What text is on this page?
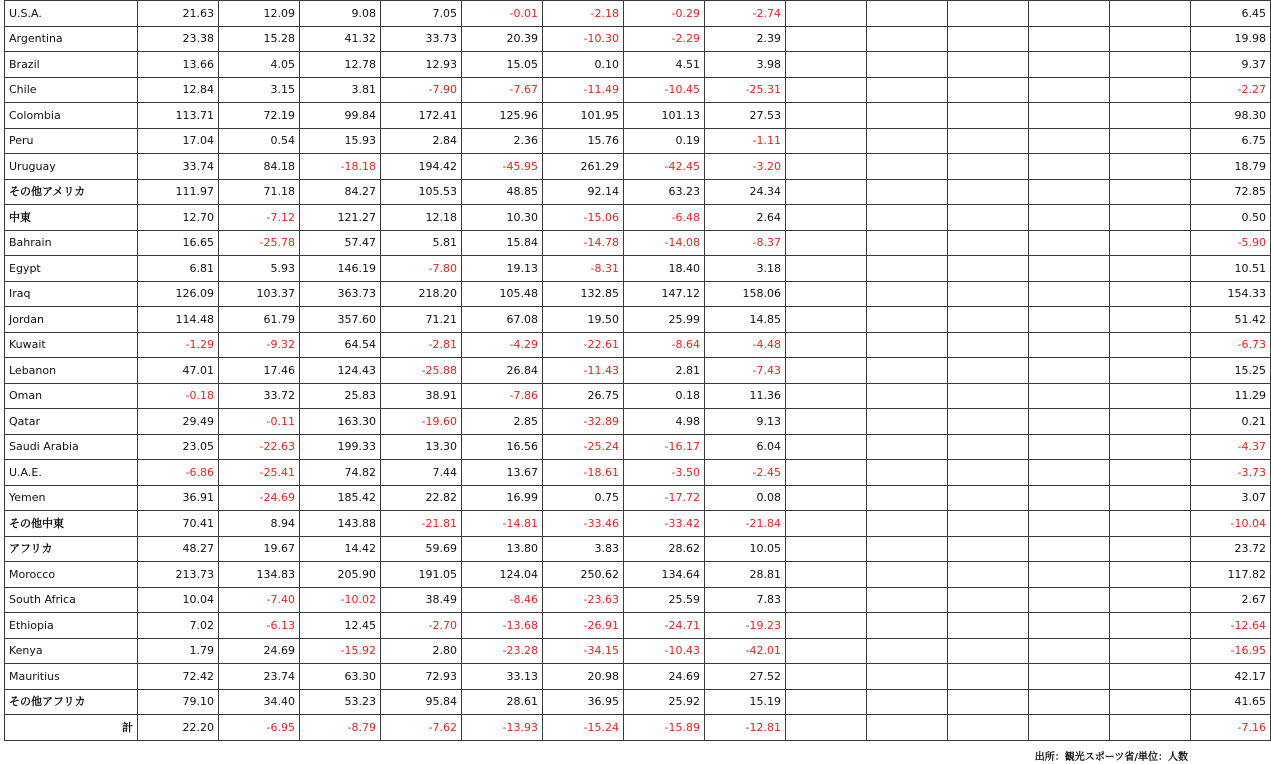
U.S.A.	21.63	12.09	9.08	7.05	-0.01	-2.18	-0.29	-2.74						6.45
Argentina	23.38	15.28	41.32	33.73	20.39	-10.30	-2.29	2.39						19.98
Brazil	13.66	4.05	12.78	12.93	15.05	0.10	4.51	3.98						9.37
Chile	12.84	3.15	3.81	-7.90	-7.67	-11.49	-10.45	-25.31						-2.27
Colombia	113.71	72.19	99.84	172.41	125.96	101.95	101.13	27.53						98.30
Peru	17.04	0.54	15.93	2.84	2.36	15.76	0.19	-1.11						6.75
Uruguay	33.74	84.18	-18.18	194.42	-45.95	261.29	-42.45	-3.20						18.79
その他アメリカ	111.97	71.18	84.27	105.53	48.85	92.14	63.23	24.34						72.85
中東	12.70	-7.12	121.27	12.18	10.30	-15.06	-6.48	2.64						0.50
Bahrain	16.65	-25.78	57.47	5.81	15.84	-14.78	-14.08	-8.37						-5.90
Egypt	6.81	5.93	146.19	-7.80	19.13	-8.31	18.40	3.18						10.51
Iraq	126.09	103.37	363.73	218.20	105.48	132.85	147.12	158.06						154.33
Jordan	114.48	61.79	357.60	71.21	67.08	19.50	25.99	14.85						51.42
Kuwait	-1.29	-9.32	64.54	-2.81	-4.29	-22.61	-8.64	-4.48						-6.73
Lebanon	47.01	17.46	124.43	-25.88	26.84	-11.43	2.81	-7.43						15.25
Oman	-0.18	33.72	25.83	38.91	-7.86	26.75	0.18	11.36						11.29
Qatar	29.49	-0.11	163.30	-19.60	2.85	-32.89	4.98	9.13						0.21
Saudi Arabia	23.05	-22.63	199.33	13.30	16.56	-25.24	-16.17	6.04						-4.37
U.A.E.	-6.86	-25.41	74.82	7.44	13.67	-18.61	-3.50	-2.45						-3.73
Yemen	36.91	-24.69	185.42	22.82	16.99	0.75	-17.72	0.08						3.07
その他中東	70.41	8.94	143.88	-21.81	-14.81	-33.46	-33.42	-21.84						-10.04
アフリカ	48.27	19.67	14.42	59.69	13.80	3.83	28.62	10.05						23.72
Morocco	213.73	134.83	205.90	191.05	124.04	250.62	134.64	28.81						117.82
South Africa	10.04	-7.40	-10.02	38.49	-8.46	-23.63	25.59	7.83						2.67
Ethiopia	7.02	-6.13	12.45	-2.70	-13.68	-26.91	-24.71	-19.23						-12.64
Kenya	1.79	24.69	-15.92	2.80	-23.28	-34.15	-10.43	-42.01						-16.95
Mauritius	72.42	23.74	63.30	72.93	33.13	20.98	24.69	27.52						42.17
その他アフリカ	79.10	34.40	53.23	95.84	28.61	36.95	25.92	15.19						41.65
計	22.20	-6.95	-8.79	-7.62	-13.93	-15.24	-15.89	-12.81						-7.16
出所：観光スポーツ省/単位：人数
